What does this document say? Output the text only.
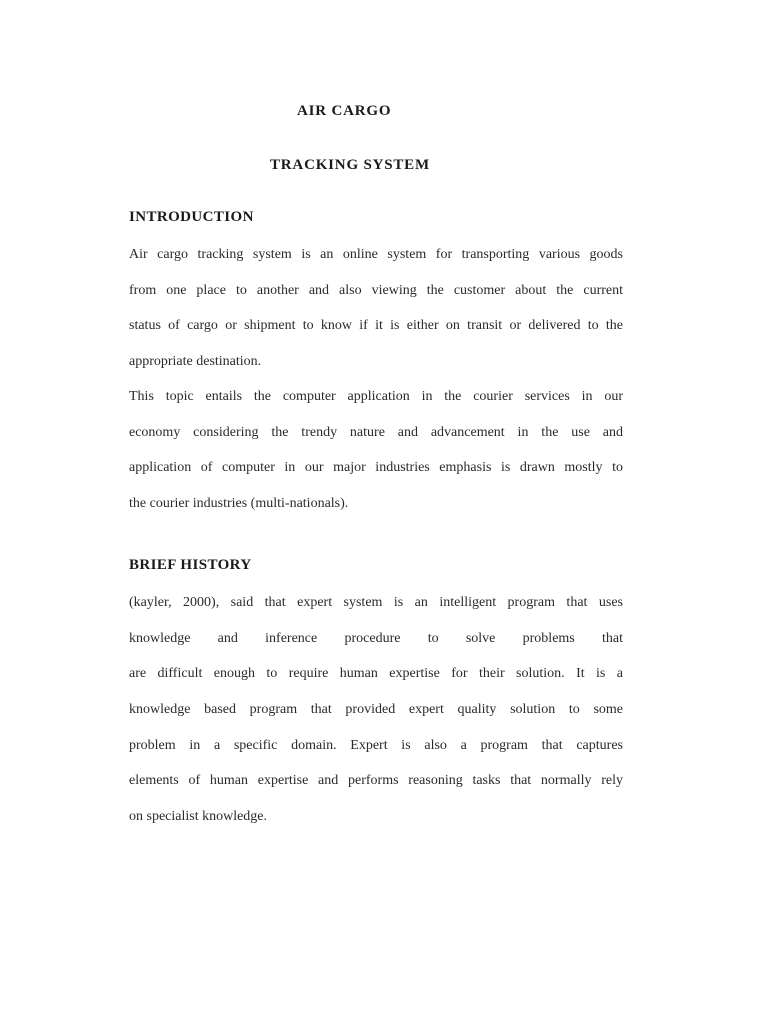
AIR CARGO
TRACKING SYSTEM
INTRODUCTION
Air cargo tracking system is an online system for transporting various goods
from one place to another and also viewing the customer about the current
status of cargo or shipment to know if it is either on transit or delivered to the
appropriate destination.
This topic entails the computer application in the courier services in our
economy considering the trendy nature and advancement in the use and
application of computer in our major industries emphasis is drawn mostly to
the courier industries (multi-nationals).
BRIEF HISTORY
(kayler, 2000), said that expert system is an intelligent program that uses
knowledge and inference procedure to solve problems that
are difficult enough to require human expertise for their solution. It is a
knowledge based program that provided expert quality solution to some
problem in a specific domain. Expert is also a program that captures
elements of human expertise and performs reasoning tasks that normally rely
on specialist knowledge.
